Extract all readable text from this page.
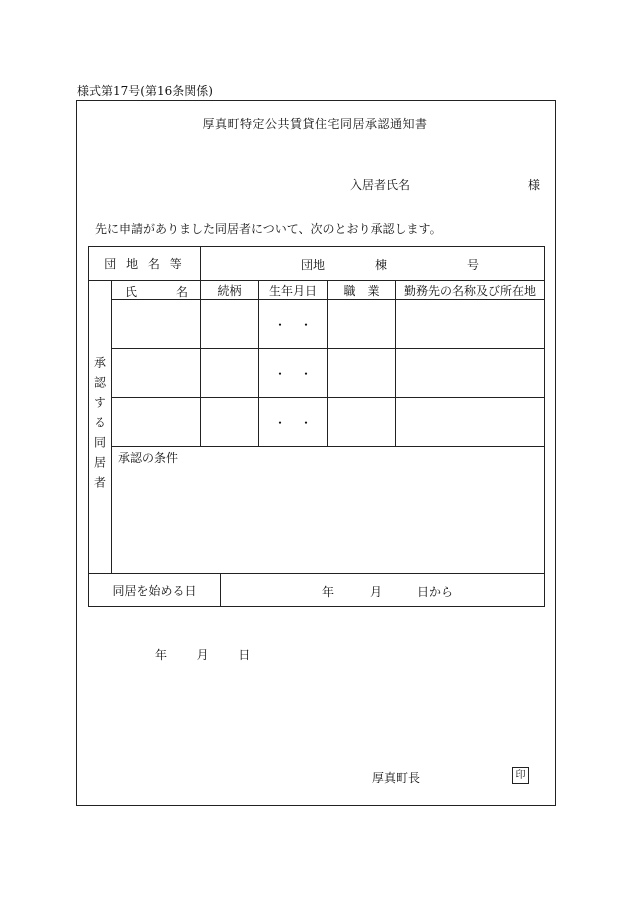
様式第17号(第16条関係)
厚真町特定公共賃貸住宅同居承認通知書
入居者氏名	様
先に申請がありました同居者について、次のとおり承認します。
団 地 名 等		団地 棟 号				

承認する同居者	氏 名	続柄		生年月日	職　業	勤務先の名称及び所在地
				・・		
				・・		
				・・		
	承認の条件					
同居を始める日			年 月 日から			
年 月 日
厚真町長	印
